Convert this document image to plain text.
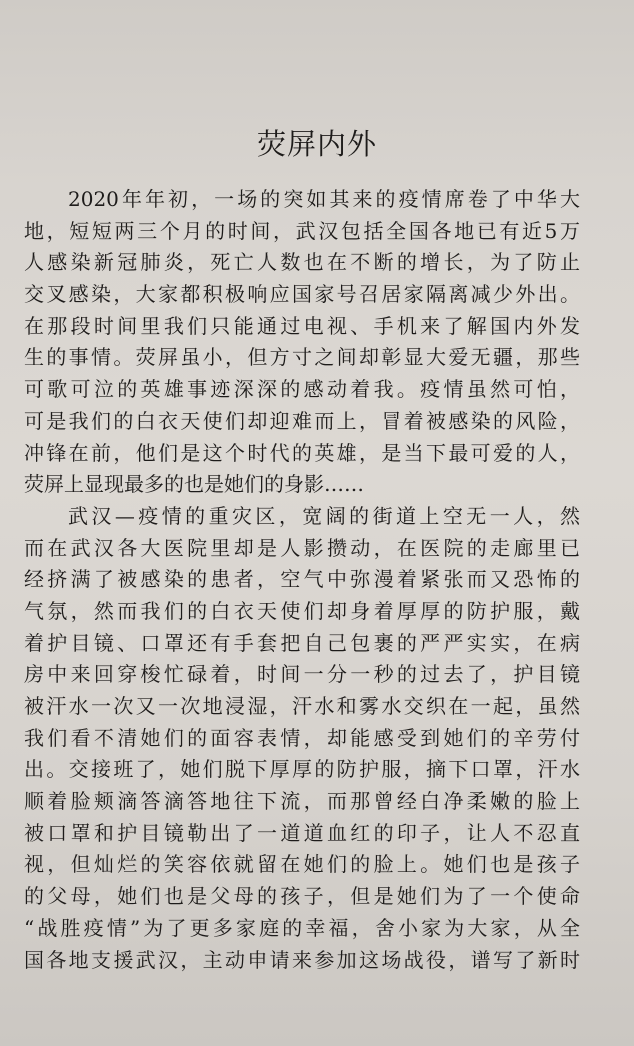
荧屏内外
2020年年初，一场的突如其来的疫情席卷了中华大
地，短短两三个月的时间，武汉包括全国各地已有近5万
人感染新冠肺炎，死亡人数也在不断的增长，为了防止
交叉感染，大家都积极响应国家号召居家隔离减少外出。
在那段时间里我们只能通过电视、手机来了解国内外发
生的事情。荧屏虽小，但方寸之间却彰显大爱无疆，那些
可歌可泣的英雄事迹深深的感动着我。疫情虽然可怕，
可是我们的白衣天使们却迎难而上，冒着被感染的风险，
冲锋在前，他们是这个时代的英雄，是当下最可爱的人，
荧屏上显现最多的也是她们的身影……
武汉—疫情的重灾区，宽阔的街道上空无一人，然
而在武汉各大医院里却是人影攒动，在医院的走廊里已
经挤满了被感染的患者，空气中弥漫着紧张而又恐怖的
气氛，然而我们的白衣天使们却身着厚厚的防护服，戴
着护目镜、口罩还有手套把自己包裹的严严实实，在病
房中来回穿梭忙碌着，时间一分一秒的过去了，护目镜
被汗水一次又一次地浸湿，汗水和雾水交织在一起，虽然
我们看不清她们的面容表情，却能感受到她们的辛劳付
出。交接班了，她们脱下厚厚的防护服，摘下口罩，汗水
顺着脸颊滴答滴答地往下流，而那曾经白净柔嫩的脸上
被口罩和护目镜勒出了一道道血红的印子，让人不忍直
视，但灿烂的笑容依就留在她们的脸上。她们也是孩子
的父母，她们也是父母的孩子，但是她们为了一个使命
“战胜疫情”为了更多家庭的幸福，舍小家为大家，从全
国各地支援武汉，主动申请来参加这场战役，谱写了新时
